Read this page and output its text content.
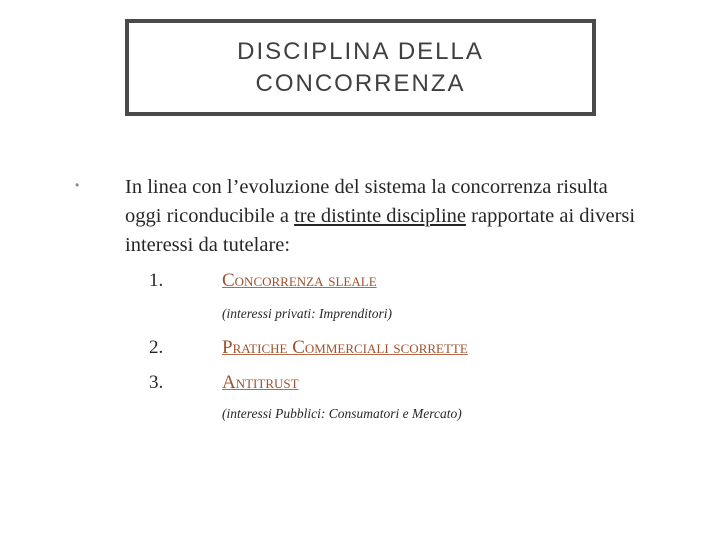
DISCIPLINA DELLA
CONCORRENZA
• In linea con l’evoluzione del sistema la concorrenza risulta oggi riconducibile a tre distinte discipline rapportate ai diversi interessi da tutelare:
1.	Concorrenza sleale
(interessi privati: Imprenditori)
2.	Pratiche Commerciali scorrette
3.	Antitrust
(interessi Pubblici: Consumatori e Mercato)
